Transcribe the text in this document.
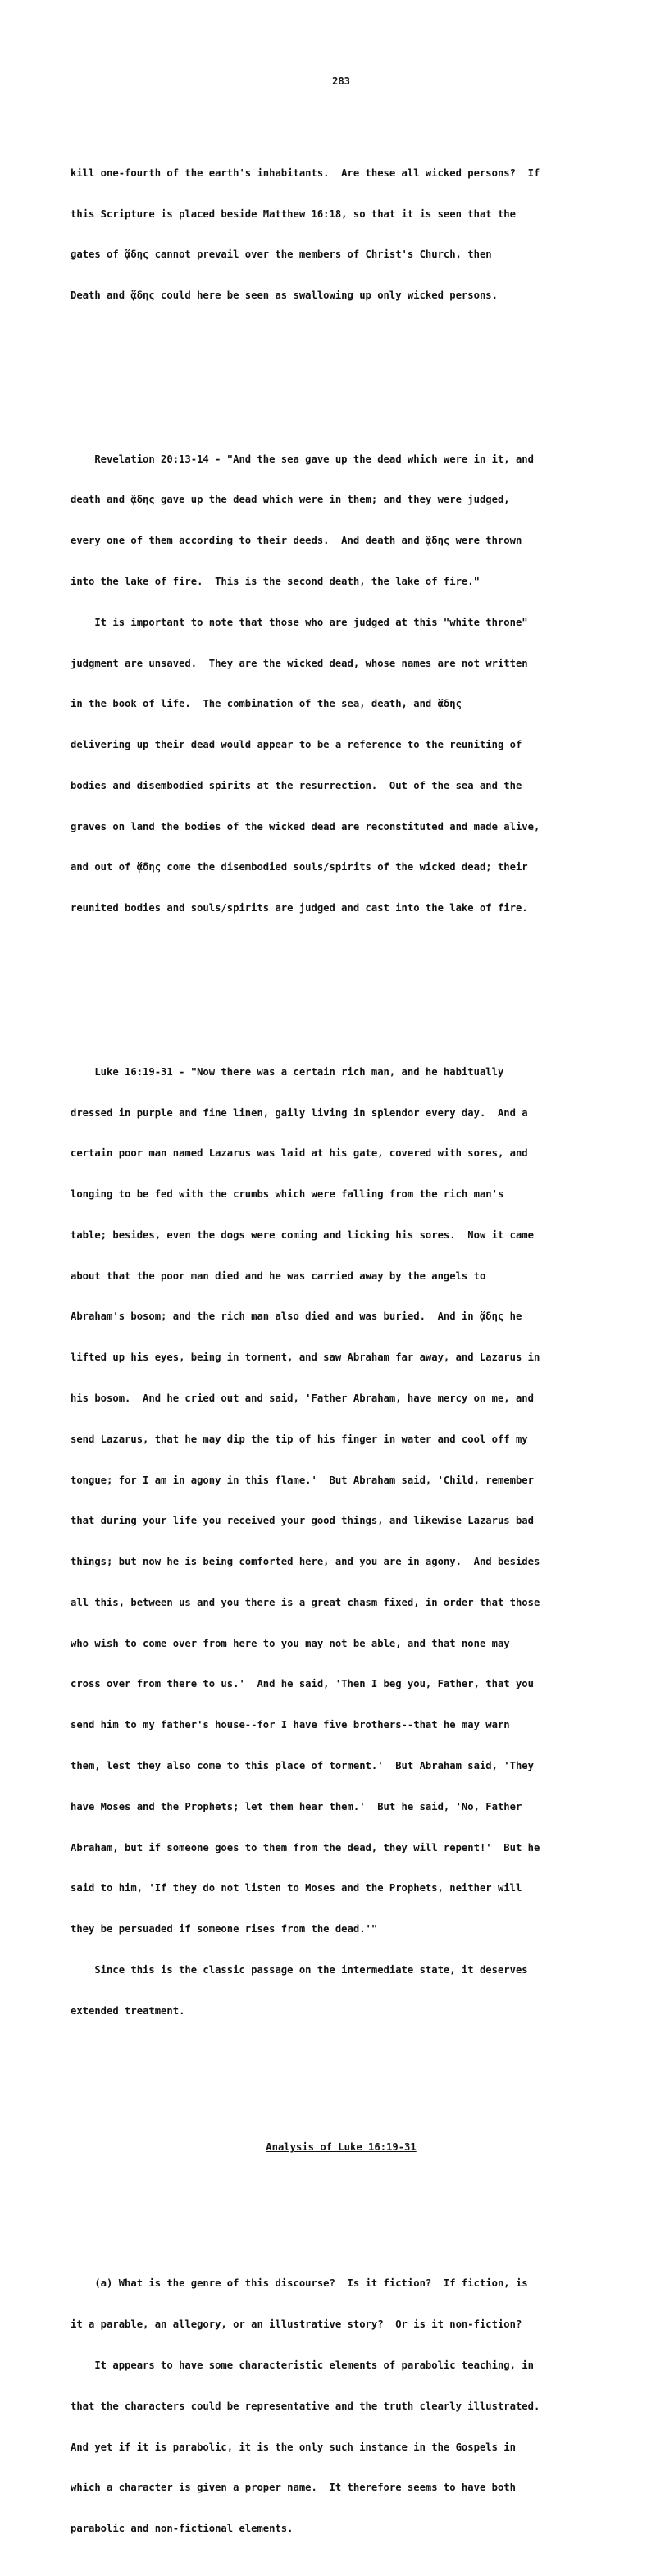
283

kill one-fourth of the earth's inhabitants.  Are these all wicked persons?  If

this Scripture is placed beside Matthew 16:18, so that it is seen that the

gates of ᾅδης cannot prevail over the members of Christ's Church, then

Death and ᾅδης could here be seen as swallowing up only wicked persons.

Revelation 20:13-14 - "And the sea gave up the dead which were in it, and

death and ᾅδης gave up the dead which were in them; and they were judged,

every one of them according to their deeds.  And death and ᾅδης were thrown

into the lake of fire.  This is the second death, the lake of fire."

It is important to note that those who are judged at this "white throne"

judgment are unsaved.  They are the wicked dead, whose names are not written

in the book of life.  The combination of the sea, death, and ᾅδης

delivering up their dead would appear to be a reference to the reuniting of

bodies and disembodied spirits at the resurrection.  Out of the sea and the

graves on land the bodies of the wicked dead are reconstituted and made alive,

and out of ᾅδης come the disembodied souls/spirits of the wicked dead; their

reunited bodies and souls/spirits are judged and cast into the lake of fire.

Luke 16:19-31 - "Now there was a certain rich man, and he habitually

dressed in purple and fine linen, gaily living in splendor every day.  And a

certain poor man named Lazarus was laid at his gate, covered with sores, and

longing to be fed with the crumbs which were falling from the rich man's

table; besides, even the dogs were coming and licking his sores.  Now it came

about that the poor man died and he was carried away by the angels to

Abraham's bosom; and the rich man also died and was buried.  And in ᾅδης he

lifted up his eyes, being in torment, and saw Abraham far away, and Lazarus in

his bosom.  And he cried out and said, 'Father Abraham, have mercy on me, and

send Lazarus, that he may dip the tip of his finger in water and cool off my

tongue; for I am in agony in this flame.'  But Abraham said, 'Child, remember

that during your life you received your good things, and likewise Lazarus bad

things; but now he is being comforted here, and you are in agony.  And besides

all this, between us and you there is a great chasm fixed, in order that those

who wish to come over from here to you may not be able, and that none may

cross over from there to us.'  And he said, 'Then I beg you, Father, that you

send him to my father's house--for I have five brothers--that he may warn

them, lest they also come to this place of torment.'  But Abraham said, 'They

have Moses and the Prophets; let them hear them.'  But he said, 'No, Father

Abraham, but if someone goes to them from the dead, they will repent!'  But he

said to him, 'If they do not listen to Moses and the Prophets, neither will

they be persuaded if someone rises from the dead.'"

Since this is the classic passage on the intermediate state, it deserves

extended treatment.

Analysis of Luke 16:19-31

(a) What is the genre of this discourse?  Is it fiction?  If fiction, is

it a parable, an allegory, or an illustrative story?  Or is it non-fiction?

It appears to have some characteristic elements of parabolic teaching, in

that the characters could be representative and the truth clearly illustrated.

And yet if it is parabolic, it is the only such instance in the Gospels in

which a character is given a proper name.  It therefore seems to have both

parabolic and non-fictional elements.
